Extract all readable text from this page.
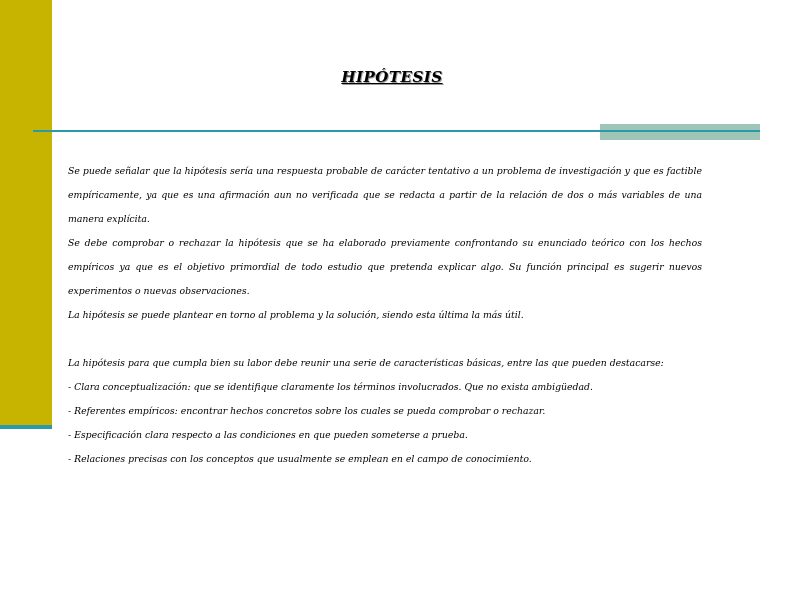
HIPÓTESIS

Se puede señalar que la hipótesis sería una respuesta probable de carácter tentativo a un problema de investigación y que es factible empíricamente, ya que es una afirmación aun no verificada que se redacta a partir de la relación de dos o más variables de una manera explícita.

Se debe comprobar o rechazar la hipótesis que se ha elaborado previamente confrontando su enunciado teórico con los hechos empíricos ya que es el objetivo primordial de todo estudio que pretenda explicar algo. Su función principal es sugerir nuevos experimentos o nuevas observaciones.

La hipótesis se puede plantear en torno al problema y la solución, siendo esta última la más útil.

La hipótesis para que cumpla bien su labor debe reunir una serie de características básicas, entre las que pueden destacarse:

- Clara conceptualización: que se identifique claramente los términos involucrados. Que no exista ambigüedad.

- Referentes empíricos: encontrar hechos concretos sobre los cuales se pueda comprobar o rechazar.

- Especificación clara respecto a las condiciones en que pueden someterse a prueba.

- Relaciones precisas con los conceptos que usualmente se emplean en el campo de conocimiento.
